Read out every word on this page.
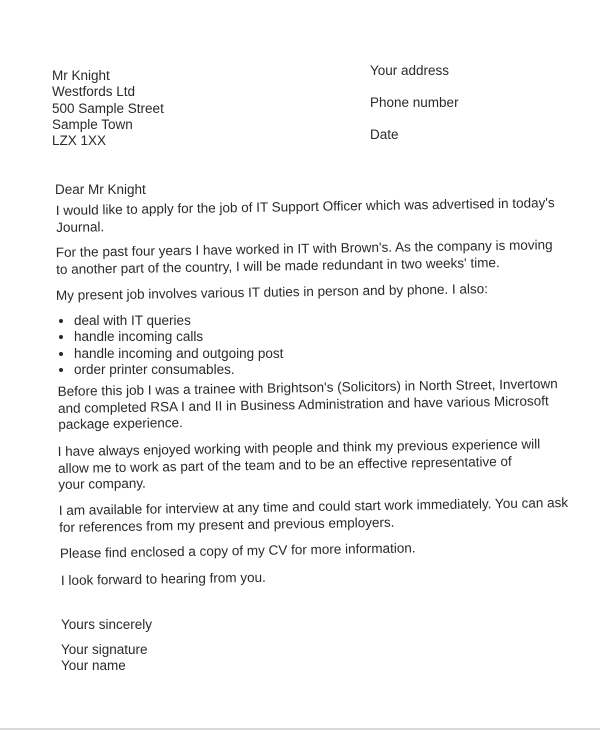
Mr Knight
Westfords Ltd
500 Sample Street
Sample Town
LZX 1XX
Your address
Phone number
Date
Dear Mr Knight
I would like to apply for the job of IT Support Officer which was advertised in today's
Journal.
For the past four years I have worked in IT with Brown's. As the company is moving
to another part of the country, I will be made redundant in two weeks' time.
My present job involves various IT duties in person and by phone. I also:
deal with IT queries
handle incoming calls
handle incoming and outgoing post
order printer consumables.
Before this job I was a trainee with Brightson's (Solicitors) in North Street, Invertown
and completed RSA I and II in Business Administration and have various Microsoft
package experience.
I have always enjoyed working with people and think my previous experience will
allow me to work as part of the team and to be an effective representative of
your company.
I am available for interview at any time and could start work immediately. You can ask
for references from my present and previous employers.
Please find enclosed a copy of my CV for more information.
I look forward to hearing from you.
Yours sincerely
Your signature
Your name
